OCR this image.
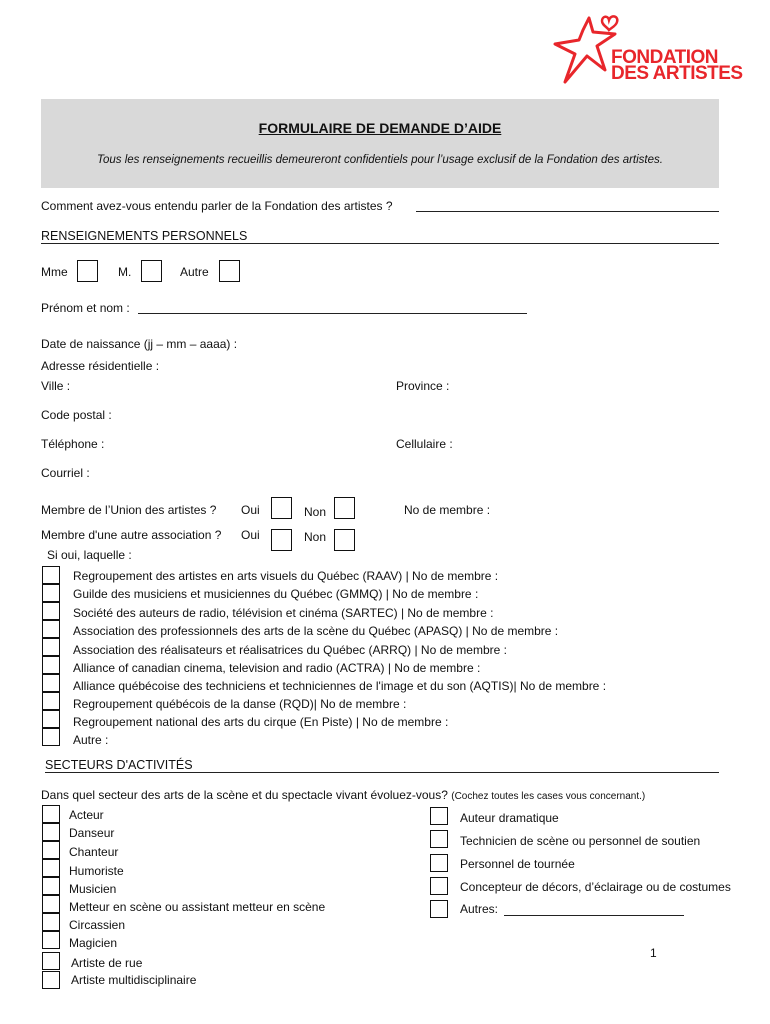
FONDATION
DES ARTISTES
FORMULAIRE DE DEMANDE D’AIDE
Tous les renseignements recueillis demeureront confidentiels pour l’usage exclusif de la Fondation des artistes.
Comment avez-vous entendu parler de la Fondation des artistes ?
RENSEIGNEMENTS PERSONNELS
Mme	M.	Autre
Prénom et nom :
Date de naissance (jj – mm – aaaa) :
Adresse résidentielle :
Ville :	Province :
Code postal :
Téléphone :	Cellulaire :
Courriel :
Membre de l’Union des artistes ? Oui	Non	No de membre :
Membre d'une autre association ? Oui	Non
Si oui, laquelle :
Regroupement des artistes en arts visuels du Québec (RAAV) | No de membre :
Guilde des musiciens et musiciennes du Québec (GMMQ) | No de membre :
Société des auteurs de radio, télévision et cinéma (SARTEC) | No de membre :
Association des professionnels des arts de la scène du Québec (APASQ) | No de membre :
Association des réalisateurs et réalisatrices du Québec (ARRQ) | No de membre :
Alliance of canadian cinema, television and radio (ACTRA) | No de membre :
Alliance québécoise des techniciens et techniciennes de l'image et du son (AQTIS)| No de membre :
Regroupement québécois de la danse (RQD)| No de membre :
Regroupement national des arts du cirque (En Piste) | No de membre :
Autre :
SECTEURS D'ACTIVITÉS
Dans quel secteur des arts de la scène et du spectacle vivant évoluez-vous? (Cochez toutes les cases vous concernant.)
Acteur
Danseur
Chanteur
Humoriste
Musicien
Metteur en scène ou assistant metteur en scène
Circassien
Magicien
Artiste de rue
Artiste multidisciplinaire
Auteur dramatique
Technicien de scène ou personnel de soutien
Personnel de tournée
Concepteur de décors, d’éclairage ou de costumes
Autres:
1
